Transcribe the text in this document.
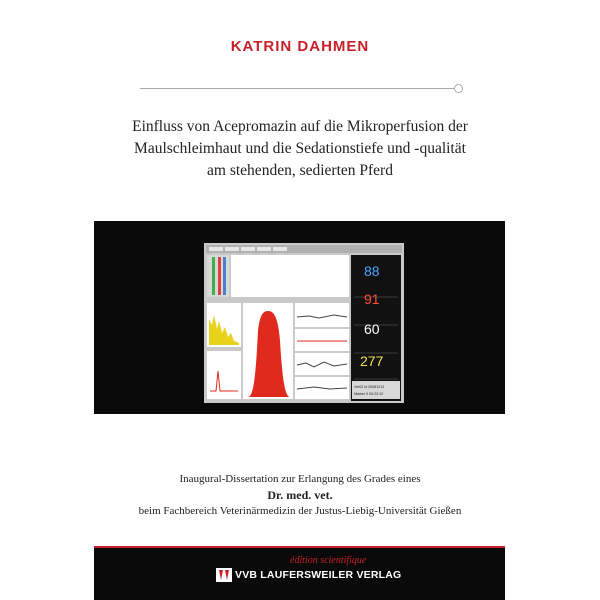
KATRIN DAHMEN
Einfluss von Acepromazin auf die Mikroperfusion der
Maulschleimhaut und die Sedationstiefe und -qualität
am stehenden, sedierten Pferd
88
91
60
277
Vet02 Id 20081213
Marker 0 00:23:12
Inaugural-Dissertation zur Erlangung des Grades eines
Dr. med. vet.
beim Fachbereich Veterinärmedizin der Justus-Liebig-Universität Gießen
édition scientifique
VVB LAUFERSWEILER VERLAG
